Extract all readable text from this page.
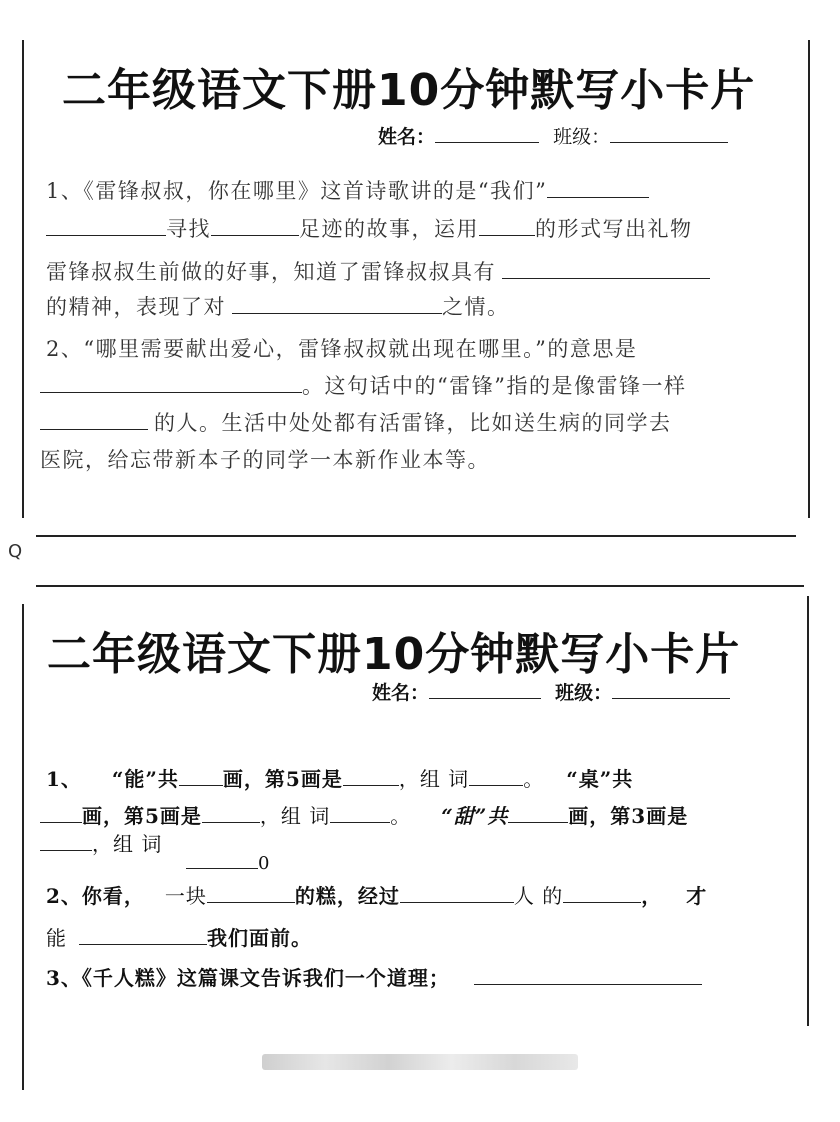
二年级语文下册10分钟默写小卡片
姓名：	班级：
1、《雷锋叔叔，你在哪里》这首诗歌讲的是“我们”
寻找	足迹的故事，运用	的形式写出礼物
雷锋叔叔生前做的好事，知道了雷锋叔叔具有
的精神，表现了对	之情。
2、“哪里需要献出爱心，雷锋叔叔就出现在哪里。”的意思是
。这句话中的“雷锋”指的是像雷锋一样
的人。生活中处处都有活雷锋，比如送生病的同学去
医院，给忘带新本子的同学一本新作业本等。
Q
二年级语文下册10分钟默写小卡片
姓名：	班级：
1、 “能”共 画，第5画是	，组 词	。 “桌”共
画，第5画是	，组 词	。 “甜”共	画，第3画是
，组 词
0
2、你看， 一块	的糕，经过	人 的	， 才
能	我们面前。
3、《千人糕》这篇课文告诉我们一个道理；
